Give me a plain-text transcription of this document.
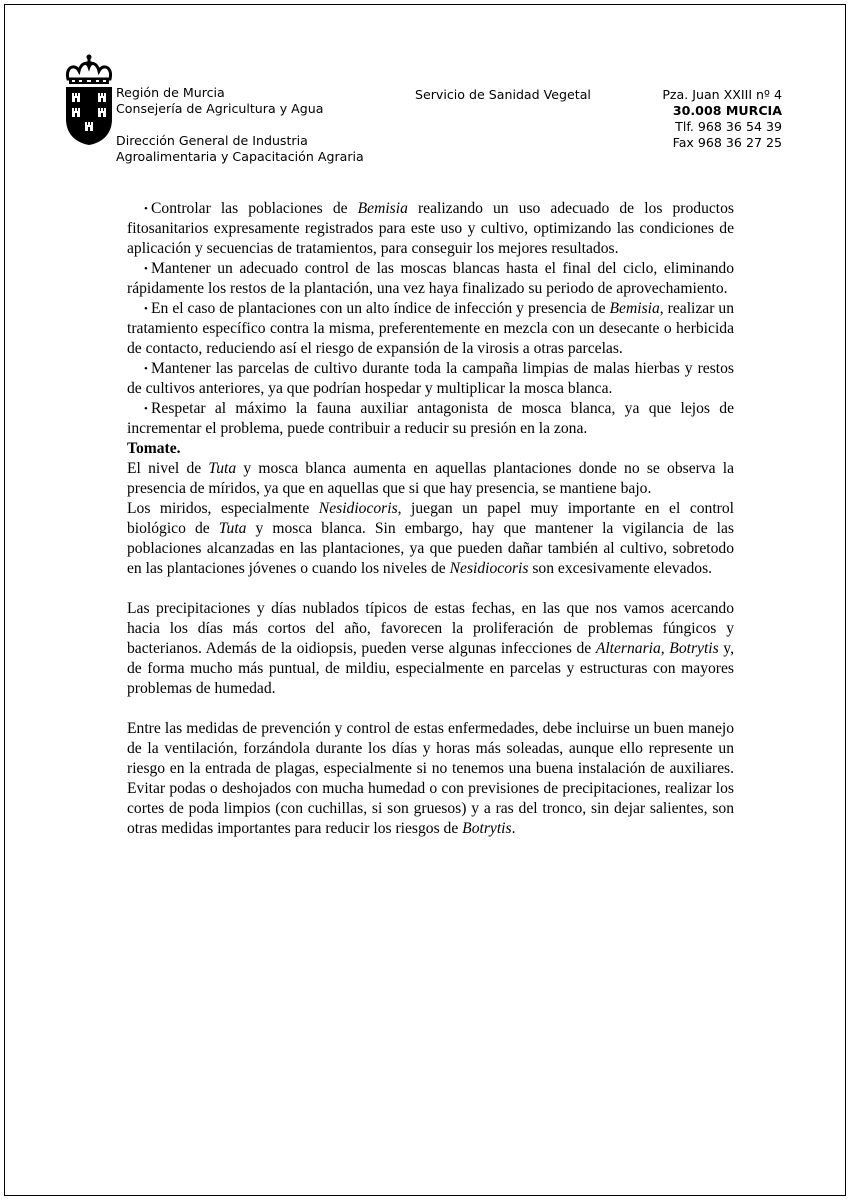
Región de Murcia
Consejería de Agricultura y Agua
Dirección General de Industria
Agroalimentaria y Capacitación Agraria
Servicio de Sanidad Vegetal	Pza. Juan XXIII nº 4
30.008 MURCIA
Tlf. 968 36 54 39
Fax 968 36 27 25

• Controlar las poblaciones de Bemisia realizando un uso adecuado de los productos fitosanitarios expresamente registrados para este uso y cultivo, optimizando las condiciones de aplicación y secuencias de tratamientos, para conseguir los mejores resultados.

• Mantener un adecuado control de las moscas blancas hasta el final del ciclo, eliminando rápidamente los restos de la plantación, una vez haya finalizado su periodo de aprovechamiento.

• En el caso de plantaciones con un alto índice de infección y presencia de Bemisia, realizar un tratamiento específico contra la misma, preferentemente en mezcla con un desecante o herbicida de contacto, reduciendo así el riesgo de expansión de la virosis a otras parcelas.

• Mantener las parcelas de cultivo durante toda la campaña limpias de malas hierbas y restos de cultivos anteriores, ya que podrían hospedar y multiplicar la mosca blanca.

• Respetar al máximo la fauna auxiliar antagonista de mosca blanca, ya que lejos de incrementar el problema, puede contribuir a reducir su presión en la zona.

Tomate.

El nivel de Tuta y mosca blanca aumenta en aquellas plantaciones donde no se observa la presencia de míridos, ya que en aquellas que si que hay presencia, se mantiene bajo.

Los miridos, especialmente Nesidiocoris, juegan un papel muy importante en el control biológico de Tuta y mosca blanca. Sin embargo, hay que mantener la vigilancia de las poblaciones alcanzadas en las plantaciones, ya que pueden dañar también al cultivo, sobretodo en las plantaciones jóvenes o cuando los niveles de Nesidiocoris son excesivamente elevados.

Las precipitaciones y días nublados típicos de estas fechas, en las que nos vamos acercando hacia los días más cortos del año, favorecen la proliferación de problemas fúngicos y bacterianos. Además de la oidiopsis, pueden verse algunas infecciones de Alternaria, Botrytis y, de forma mucho más puntual, de mildiu, especialmente en parcelas y estructuras con mayores problemas de humedad.

Entre las medidas de prevención y control de estas enfermedades, debe incluirse un buen manejo de la ventilación, forzándola durante los días y horas más soleadas, aunque ello represente un riesgo en la entrada de plagas, especialmente si no tenemos una buena instalación de auxiliares. Evitar podas o deshojados con mucha humedad o con previsiones de precipitaciones, realizar los cortes de poda limpios (con cuchillas, si son gruesos) y a ras del tronco, sin dejar salientes, son otras medidas importantes para reducir los riesgos de Botrytis.
